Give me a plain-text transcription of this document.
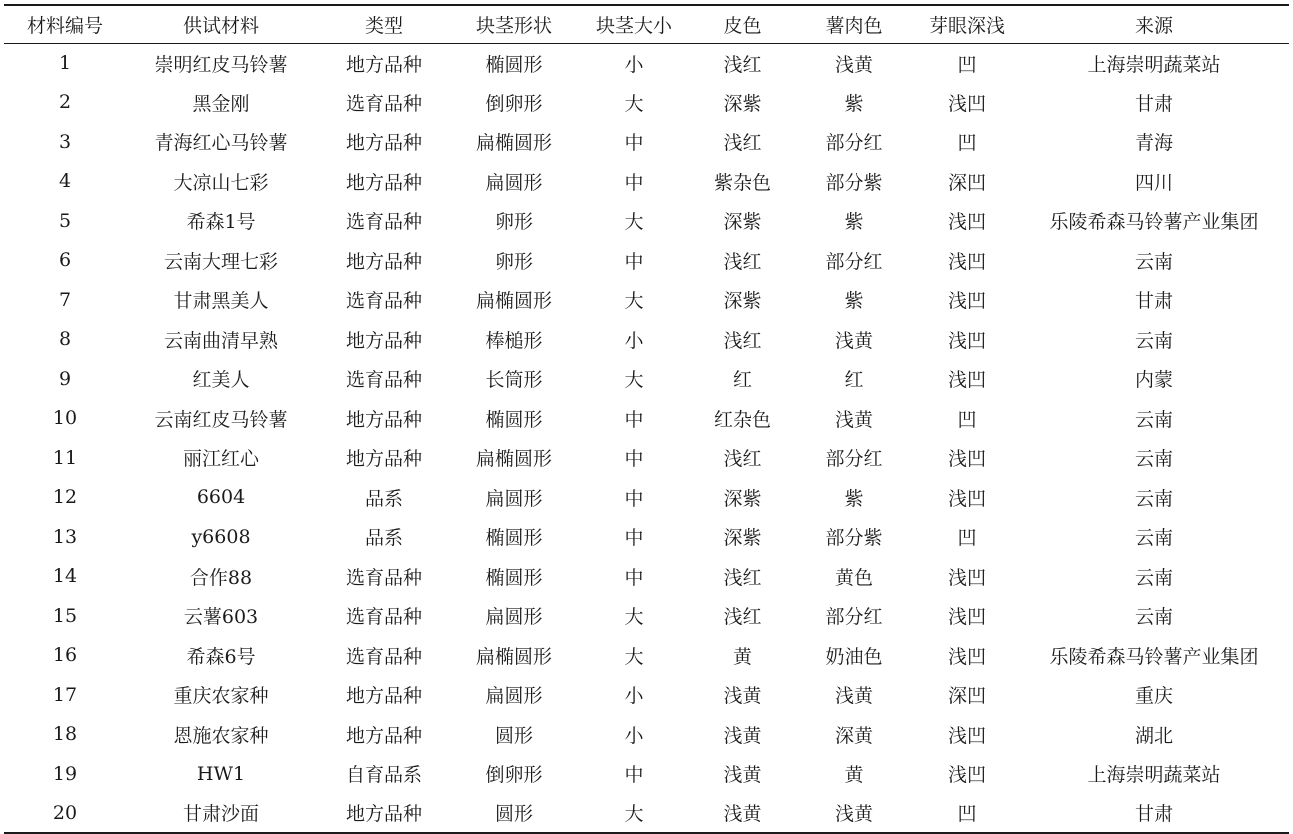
材料编号	供试材料	类型	块茎形状	块茎大小	皮色	薯肉色	芽眼深浅	来源
1	崇明红皮马铃薯	地方品种	椭圆形	小	浅红	浅黄	凹	上海崇明蔬菜站
2	黑金刚	选育品种	倒卵形	大	深紫	紫	浅凹	甘肃
3	青海红心马铃薯	地方品种	扁椭圆形	中	浅红	部分红	凹	青海
4	大凉山七彩	地方品种	扁圆形	中	紫杂色	部分紫	深凹	四川
5	希森1号	选育品种	卵形	大	深紫	紫	浅凹	乐陵希森马铃薯产业集团
6	云南大理七彩	地方品种	卵形	中	浅红	部分红	浅凹	云南
7	甘肃黑美人	选育品种	扁椭圆形	大	深紫	紫	浅凹	甘肃
8	云南曲清早熟	地方品种	棒槌形	小	浅红	浅黄	浅凹	云南
9	红美人	选育品种	长筒形	大	红	红	浅凹	内蒙
10	云南红皮马铃薯	地方品种	椭圆形	中	红杂色	浅黄	凹	云南
11	丽江红心	地方品种	扁椭圆形	中	浅红	部分红	浅凹	云南
12	6604	品系	扁圆形	中	深紫	紫	浅凹	云南
13	y6608	品系	椭圆形	中	深紫	部分紫	凹	云南
14	合作88	选育品种	椭圆形	中	浅红	黄色	浅凹	云南
15	云薯603	选育品种	扁圆形	大	浅红	部分红	浅凹	云南
16	希森6号	选育品种	扁椭圆形	大	黄	奶油色	浅凹	乐陵希森马铃薯产业集团
17	重庆农家种	地方品种	扁圆形	小	浅黄	浅黄	深凹	重庆
18	恩施农家种	地方品种	圆形	小	浅黄	深黄	浅凹	湖北
19	HW1	自育品系	倒卵形	中	浅黄	黄	浅凹	上海崇明蔬菜站
20	甘肃沙面	地方品种	圆形	大	浅黄	浅黄	凹	甘肃
